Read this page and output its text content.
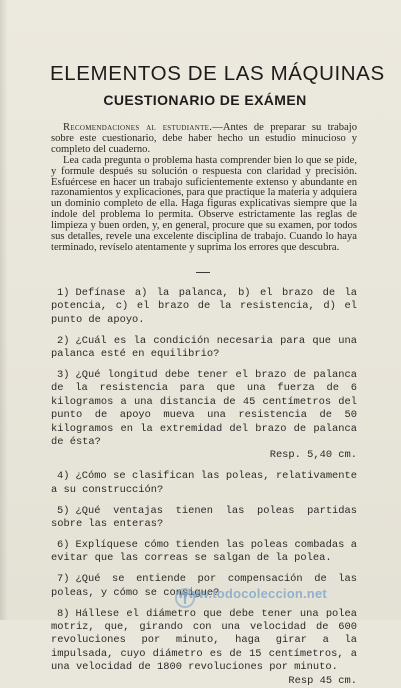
ELEMENTOS DE LAS MÁQUINAS
CUESTIONARIO DE EXÁMEN

Recomendaciones al estudiante.—Antes de preparar su trabajo sobre este cuestionario, debe haber hecho un estudio minucioso y completo del cuaderno.

Lea cada pregunta o problema hasta comprender bien lo que se pide, y formule después su solución o respuesta con claridad y precisión. Esfuércese en hacer un trabajo suficientemente extenso y abundante en razonamientos y explicaciones, para que practique la materia y adquiera un dominio completo de ella. Haga figuras explicativas siempre que la índole del problema lo permita. Observe estrictamente las reglas de limpieza y buen orden, y, en general, procure que su examen, por todos sus detalles, revele una excelente disciplina de trabajo. Cuando lo haya terminado, revíselo atentamente y suprima los errores que descubra.

1) Defínase a) la palanca, b) el brazo de la potencia, c) el brazo de la resistencia, d) el punto de apoyo.

2) ¿Cuál es la condición necesaria para que una palanca esté en equilibrio?

3) ¿Qué longitud debe tener el brazo de palanca de la resistencia para que una fuerza de 6 kilogramos a una distancia de 45 centímetros del punto de apoyo mueva una resistencia de 50 kilogramos en la extremidad del brazo de palanca de ésta?
Resp. 5,40 cm.

4) ¿Cómo se clasifican las poleas, relativamente a su construcción?

5) ¿Qué ventajas tienen las poleas partidas sobre las enteras?

6) Explíquese cómo tienden las poleas combadas a evitar que las correas se salgan de la polea.

7) ¿Qué se entiende por compensación de las poleas, y cómo se consigue?

8) Hállese el diámetro que debe tener una polea motriz, que, girando con una velocidad de 600 revoluciones por minuto, haga girar a la impulsada, cuyo diámetro es de 15 centímetros, a una velocidad de 1800 revoluciones por minuto.
Resp 45 cm.

www.todocoleccion.net
